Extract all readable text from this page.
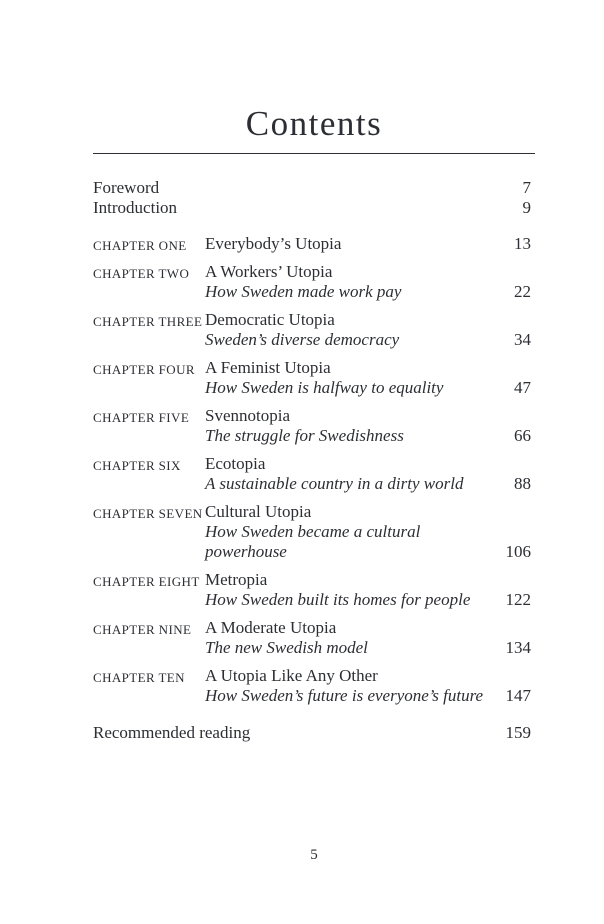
Contents
Foreword	7
Introduction	9
CHAPTER ONE	Everybody’s Utopia	13
CHAPTER TWO A Workers’ Utopia
How Sweden made work pay	22
CHAPTER THREE Democratic Utopia
Sweden’s diverse democracy	34
CHAPTER FOUR A Feminist Utopia
How Sweden is halfway to equality	47
CHAPTER FIVE Svennotopia
The struggle for Swedishness	66
CHAPTER SIX	Ecotopia
A sustainable country in a dirty world	88
CHAPTER SEVEN Cultural Utopia
How Sweden became a cultural powerhouse	106
CHAPTER EIGHT Metropia
How Sweden built its homes for people	122
CHAPTER NINE A Moderate Utopia
The new Swedish model	134
CHAPTER TEN	A Utopia Like Any Other
How Sweden’s future is everyone’s future	147
Recommended reading	159
5
